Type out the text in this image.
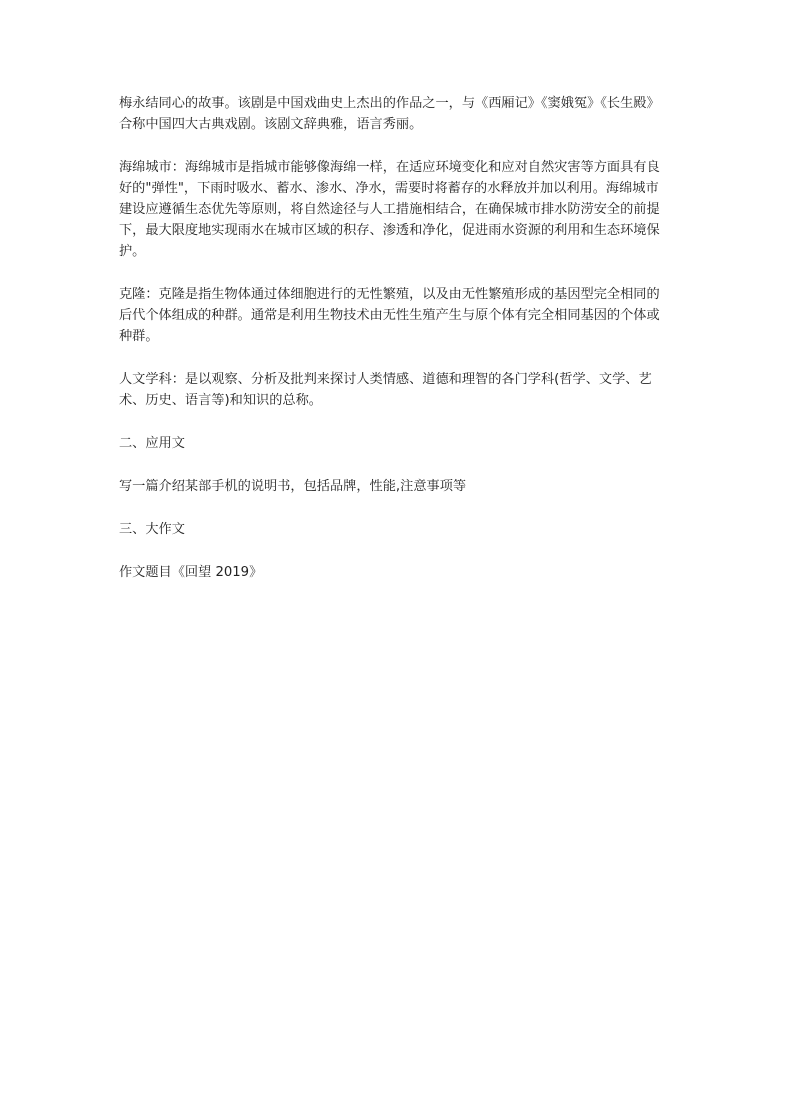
梅永结同心的故事。该剧是中国戏曲史上杰出的作品之一，与《西厢记》《窦娥冤》《长生殿》合称中国四大古典戏剧。该剧文辞典雅，语言秀丽。

海绵城市：海绵城市是指城市能够像海绵一样，在适应环境变化和应对自然灾害等方面具有良好的"弹性"，下雨时吸水、蓄水、渗水、净水，需要时将蓄存的水释放并加以利用。海绵城市建设应遵循生态优先等原则，将自然途径与人工措施相结合，在确保城市排水防涝安全的前提下，最大限度地实现雨水在城市区域的积存、渗透和净化，促进雨水资源的利用和生态环境保护。

克隆：克隆是指生物体通过体细胞进行的无性繁殖，以及由无性繁殖形成的基因型完全相同的后代个体组成的种群。通常是利用生物技术由无性生殖产生与原个体有完全相同基因的个体或种群。

人文学科：是以观察、分析及批判来探讨人类情感、道德和理智的各门学科(哲学、文学、艺术、历史、语言等)和知识的总称。

二、应用文

写一篇介绍某部手机的说明书，包括品牌，性能,注意事项等

三、大作文

作文题目《回望 2019》
